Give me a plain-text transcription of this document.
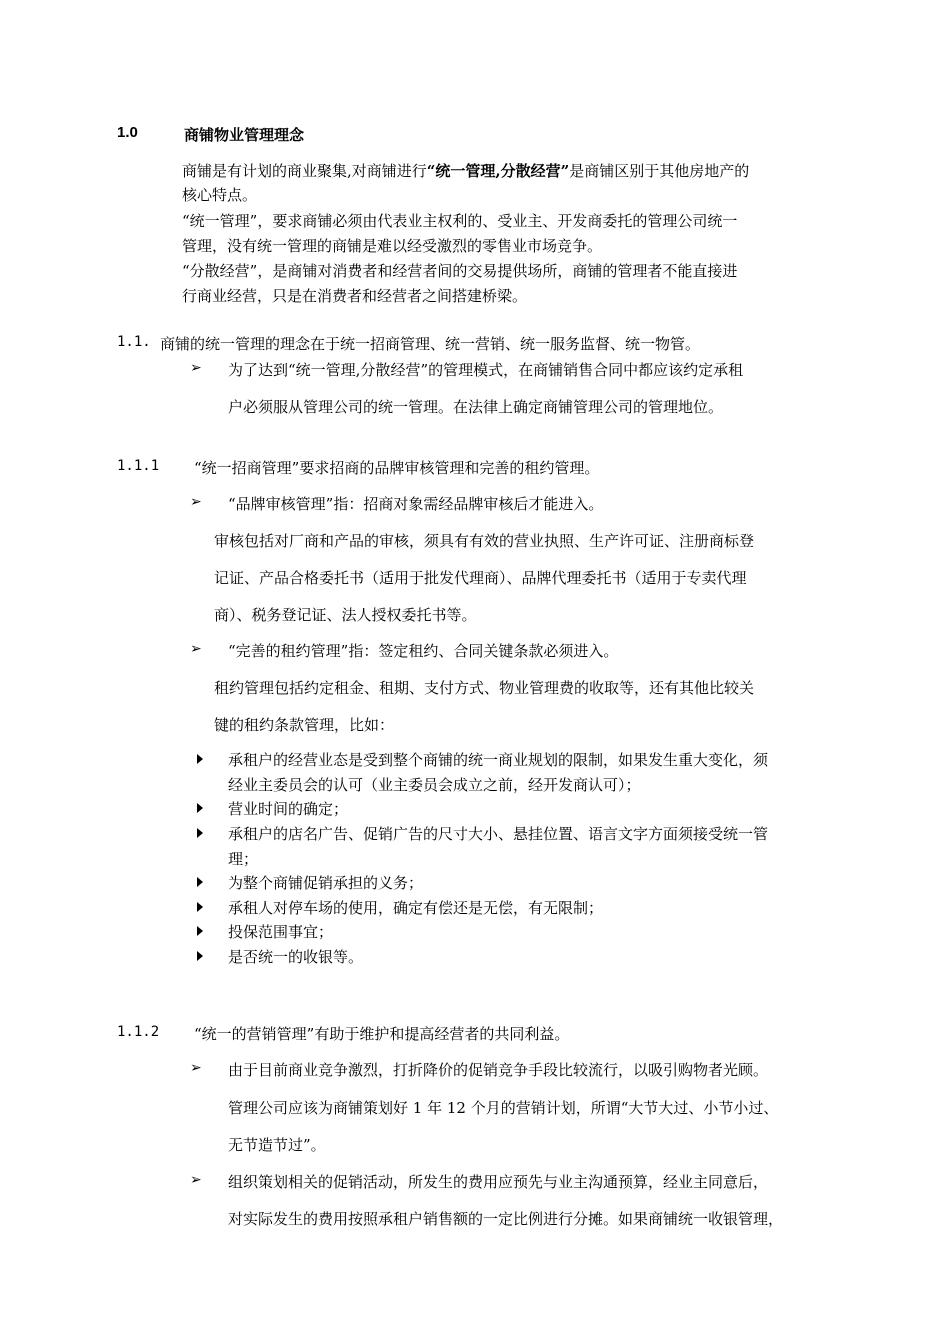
1.0	商铺物业管理理念
商铺是有计划的商业聚集,对商铺进行“统一管理,分散经营”是商铺区别于其他房地产的
核心特点。
“统一管理”，要求商铺必须由代表业主权利的、受业主、开发商委托的管理公司统一
管理，没有统一管理的商铺是难以经受激烈的零售业市场竞争。
“分散经营”，是商铺对消费者和经营者间的交易提供场所，商铺的管理者不能直接进
行商业经营，只是在消费者和经营者之间搭建桥梁。
1.1. 商铺的统一管理的理念在于统一招商管理、统一营销、统一服务监督、统一物管。
➢ 为了达到“统一管理,分散经营”的管理模式，在商铺销售合同中都应该约定承租
户必须服从管理公司的统一管理。在法律上确定商铺管理公司的管理地位。
1.1.1 “统一招商管理”要求招商的品牌审核管理和完善的租约管理。
➢ “品牌审核管理”指：招商对象需经品牌审核后才能进入。
审核包括对厂商和产品的审核，须具有有效的营业执照、生产许可证、注册商标登
记证、产品合格委托书（适用于批发代理商）、品牌代理委托书（适用于专卖代理
商）、税务登记证、法人授权委托书等。
➢ “完善的租约管理”指：签定租约、合同关键条款必须进入。
租约管理包括约定租金、租期、支付方式、物业管理费的收取等，还有其他比较关
键的租约条款管理，比如：
承租户的经营业态是受到整个商铺的统一商业规划的限制，如果发生重大变化，须
经业主委员会的认可（业主委员会成立之前，经开发商认可）；
营业时间的确定；
承租户的店名广告、促销广告的尺寸大小、悬挂位置、语言文字方面须接受统一管
理；
为整个商铺促销承担的义务；
承租人对停车场的使用，确定有偿还是无偿，有无限制；
投保范围事宜；
是否统一的收银等。
1.1.2 “统一的营销管理”有助于维护和提高经营者的共同利益。
➢ 由于目前商业竞争激烈，打折降价的促销竞争手段比较流行，以吸引购物者光顾。
管理公司应该为商铺策划好 1 年 12 个月的营销计划，所谓“大节大过、小节小过、
无节造节过”。
➢ 组织策划相关的促销活动，所发生的费用应预先与业主沟通预算，经业主同意后，
对实际发生的费用按照承租户销售额的一定比例进行分摊。如果商铺统一收银管理，
